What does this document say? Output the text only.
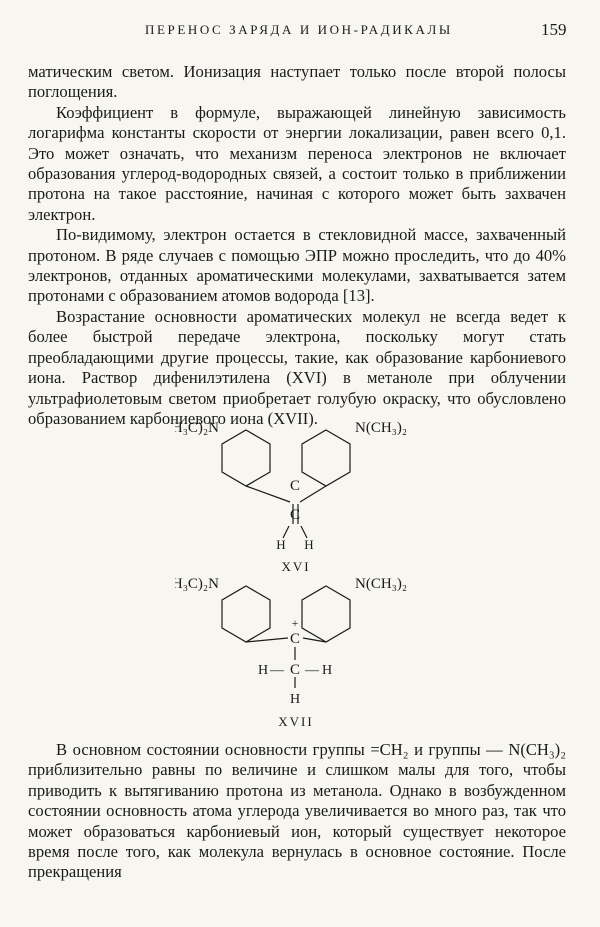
ПЕРЕНОС ЗАРЯДА И ИОН-РАДИКАЛЫ	159

матическим светом. Ионизация наступает только после второй полосы поглощения.

Коэффициент в формуле, выражающей линейную зависимость логарифма константы скорости от энергии локализации, равен всего 0,1. Это может означать, что механизм переноса электронов не включает образования углерод-водородных связей, а состоит только в приближении протона на такое расстояние, начиная с которого может быть захвачен электрон.

По-видимому, электрон остается в стекловидной массе, захваченный протоном. В ряде случаев с помощью ЭПР можно проследить, что до 40% электронов, отданных ароматическими молекулами, захватывается затем протонами с образованием атомов водорода [13].

Возрастание основности ароматических молекул не всегда ведет к более быстрой передаче электрона, поскольку могут стать преобладающими другие процессы, такие, как образование карбониевого иона. Раствор дифенилэтилена (XVI) в метаноле при облучении ультрафиолетовым светом приобретает голубую окраску, что обусловлено образованием карбониевого иона (XVII).

H₃C)₂N	N(CH₃)₂
C
C
H H
XVI
H₃C)₂N	N(CH₃)₂
+
C
C
H — — H
H
XVII

В основном состоянии основности группы =CH₂ и группы — N(CH₃)₂ приблизительно равны по величине и слишком малы для того, чтобы приводить к вытягиванию протона из метанола. Однако в возбужденном состоянии основность атома углерода увеличивается во много раз, так что может образоваться карбониевый ион, который существует некоторое время после того, как молекула вернулась в основное состояние. После прекращения
